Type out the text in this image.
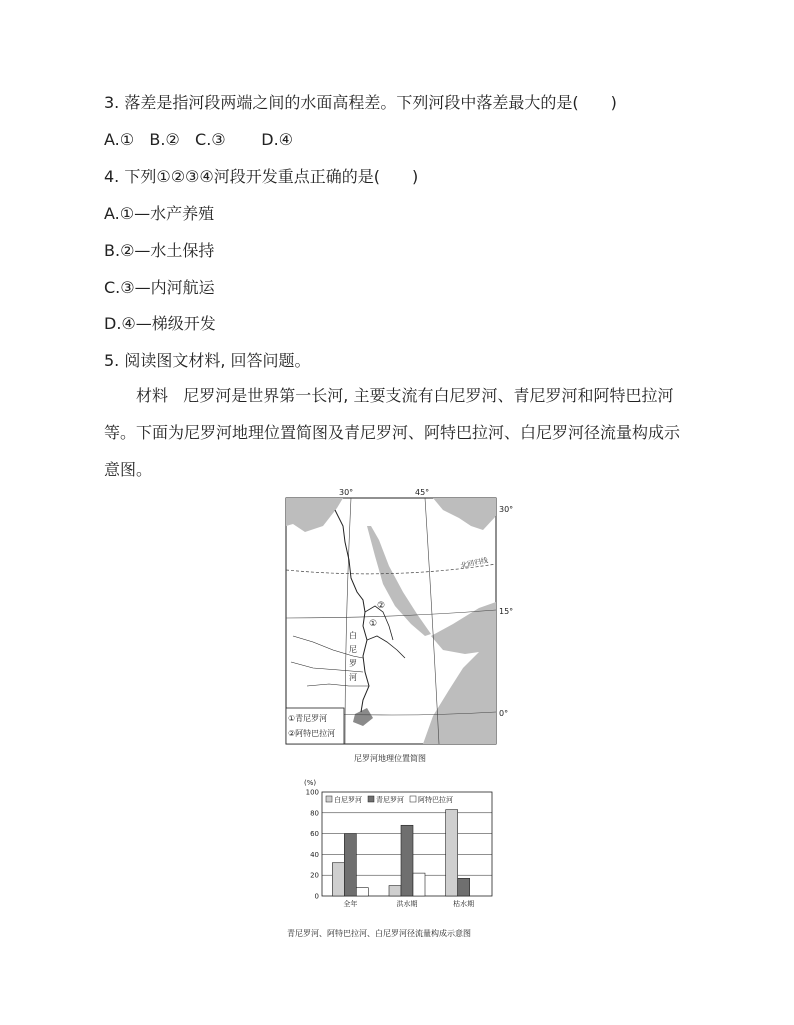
3. 落差是指河段两端之间的水面高程差。下列河段中落差最大的是(　　)
A.① B.② C.③ D.④
4. 下列①②③④河段开发重点正确的是(　　)
A.①—水产养殖
B.②—水土保持
C.③—内河航运
D.④—梯级开发
5. 阅读图文材料, 回答问题。
材料 尼罗河是世界第一长河, 主要支流有白尼罗河、青尼罗河和阿特巴拉河等。下面为尼罗河地理位置简图及青尼罗河、阿特巴拉河、白尼罗河径流量构成示意图。
30°	45°
30°
15°
0°
北回归线
②
①
白
尼
罗
河
①青尼罗河
②阿特巴拉河
尼罗河地理位置简图
(%)
0
20
40
60
80
100
全年	洪水期	枯水期
白尼罗河 青尼罗河 阿特巴拉河
青尼罗河、阿特巴拉河、白尼罗河径流量构成示意图
